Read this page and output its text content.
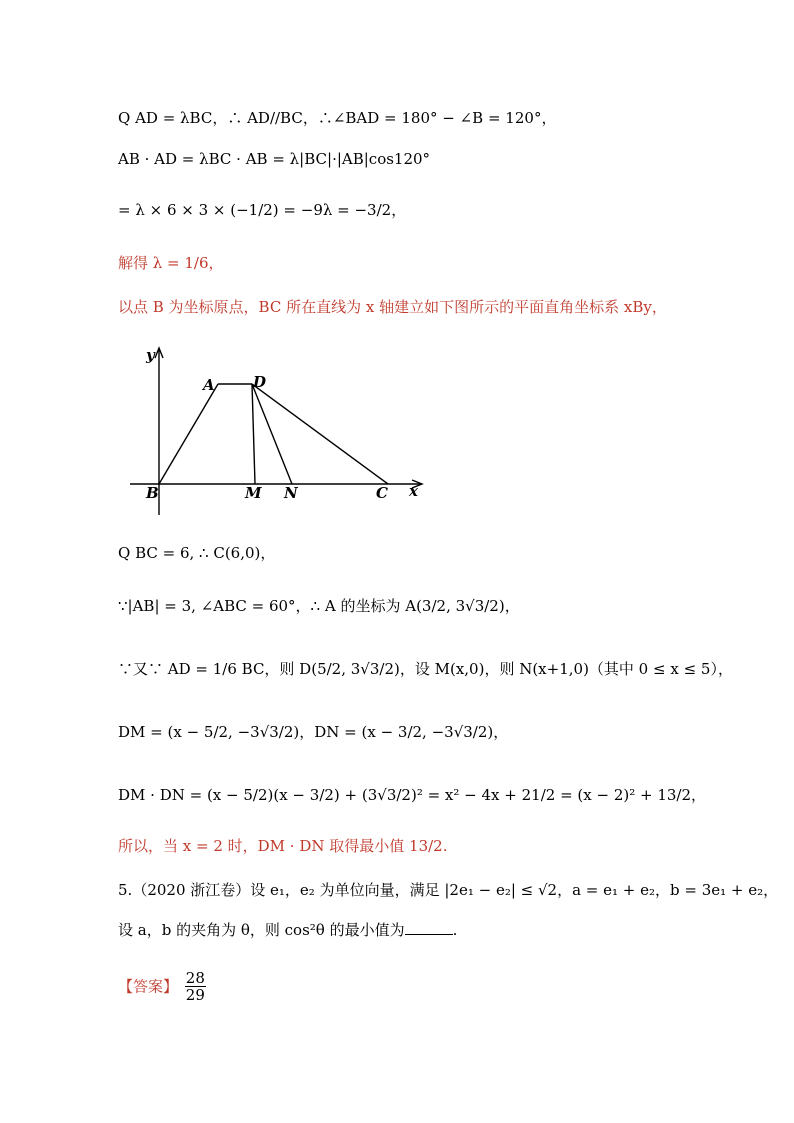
Q AD = λBC，∴ AD//BC，∴∠BAD = 180° − ∠B = 120°，
AB · AD = λBC · AB = λ|BC|·|AB|cos120°
= λ × 6 × 3 × (−1/2) = −9λ = −3/2，
解得 λ = 1/6，
以点 B 为坐标原点，BC 所在直线为 x 轴建立如下图所示的平面直角坐标系 xBy，
y
x
A	D
B	M N	C
Q BC = 6, ∴ C(6,0)，
∵|AB| = 3, ∠ABC = 60°，∴ A 的坐标为 A(3/2, 3√3/2)，
∵又∵ AD = 1/6 BC，则 D(5/2, 3√3/2)，设 M(x,0)，则 N(x+1,0)（其中 0 ≤ x ≤ 5），
DM = (x − 5/2, −3√3/2)，DN = (x − 3/2, −3√3/2)，
DM · DN = (x − 5/2)(x − 3/2) + (3√3/2)² = x² − 4x + 21/2 = (x − 2)² + 13/2，
所以，当 x = 2 时，DM · DN 取得最小值 13/2.
5.（2020 浙江卷）设 e₁，e₂ 为单位向量，满足 |2e₁ − e₂| ≤ √2，a = e₁ + e₂，b = 3e₁ + e₂，
设 a，b 的夹角为 θ，则 cos²θ 的最小值为	.
【答案】 $\frac{28}{29}$
